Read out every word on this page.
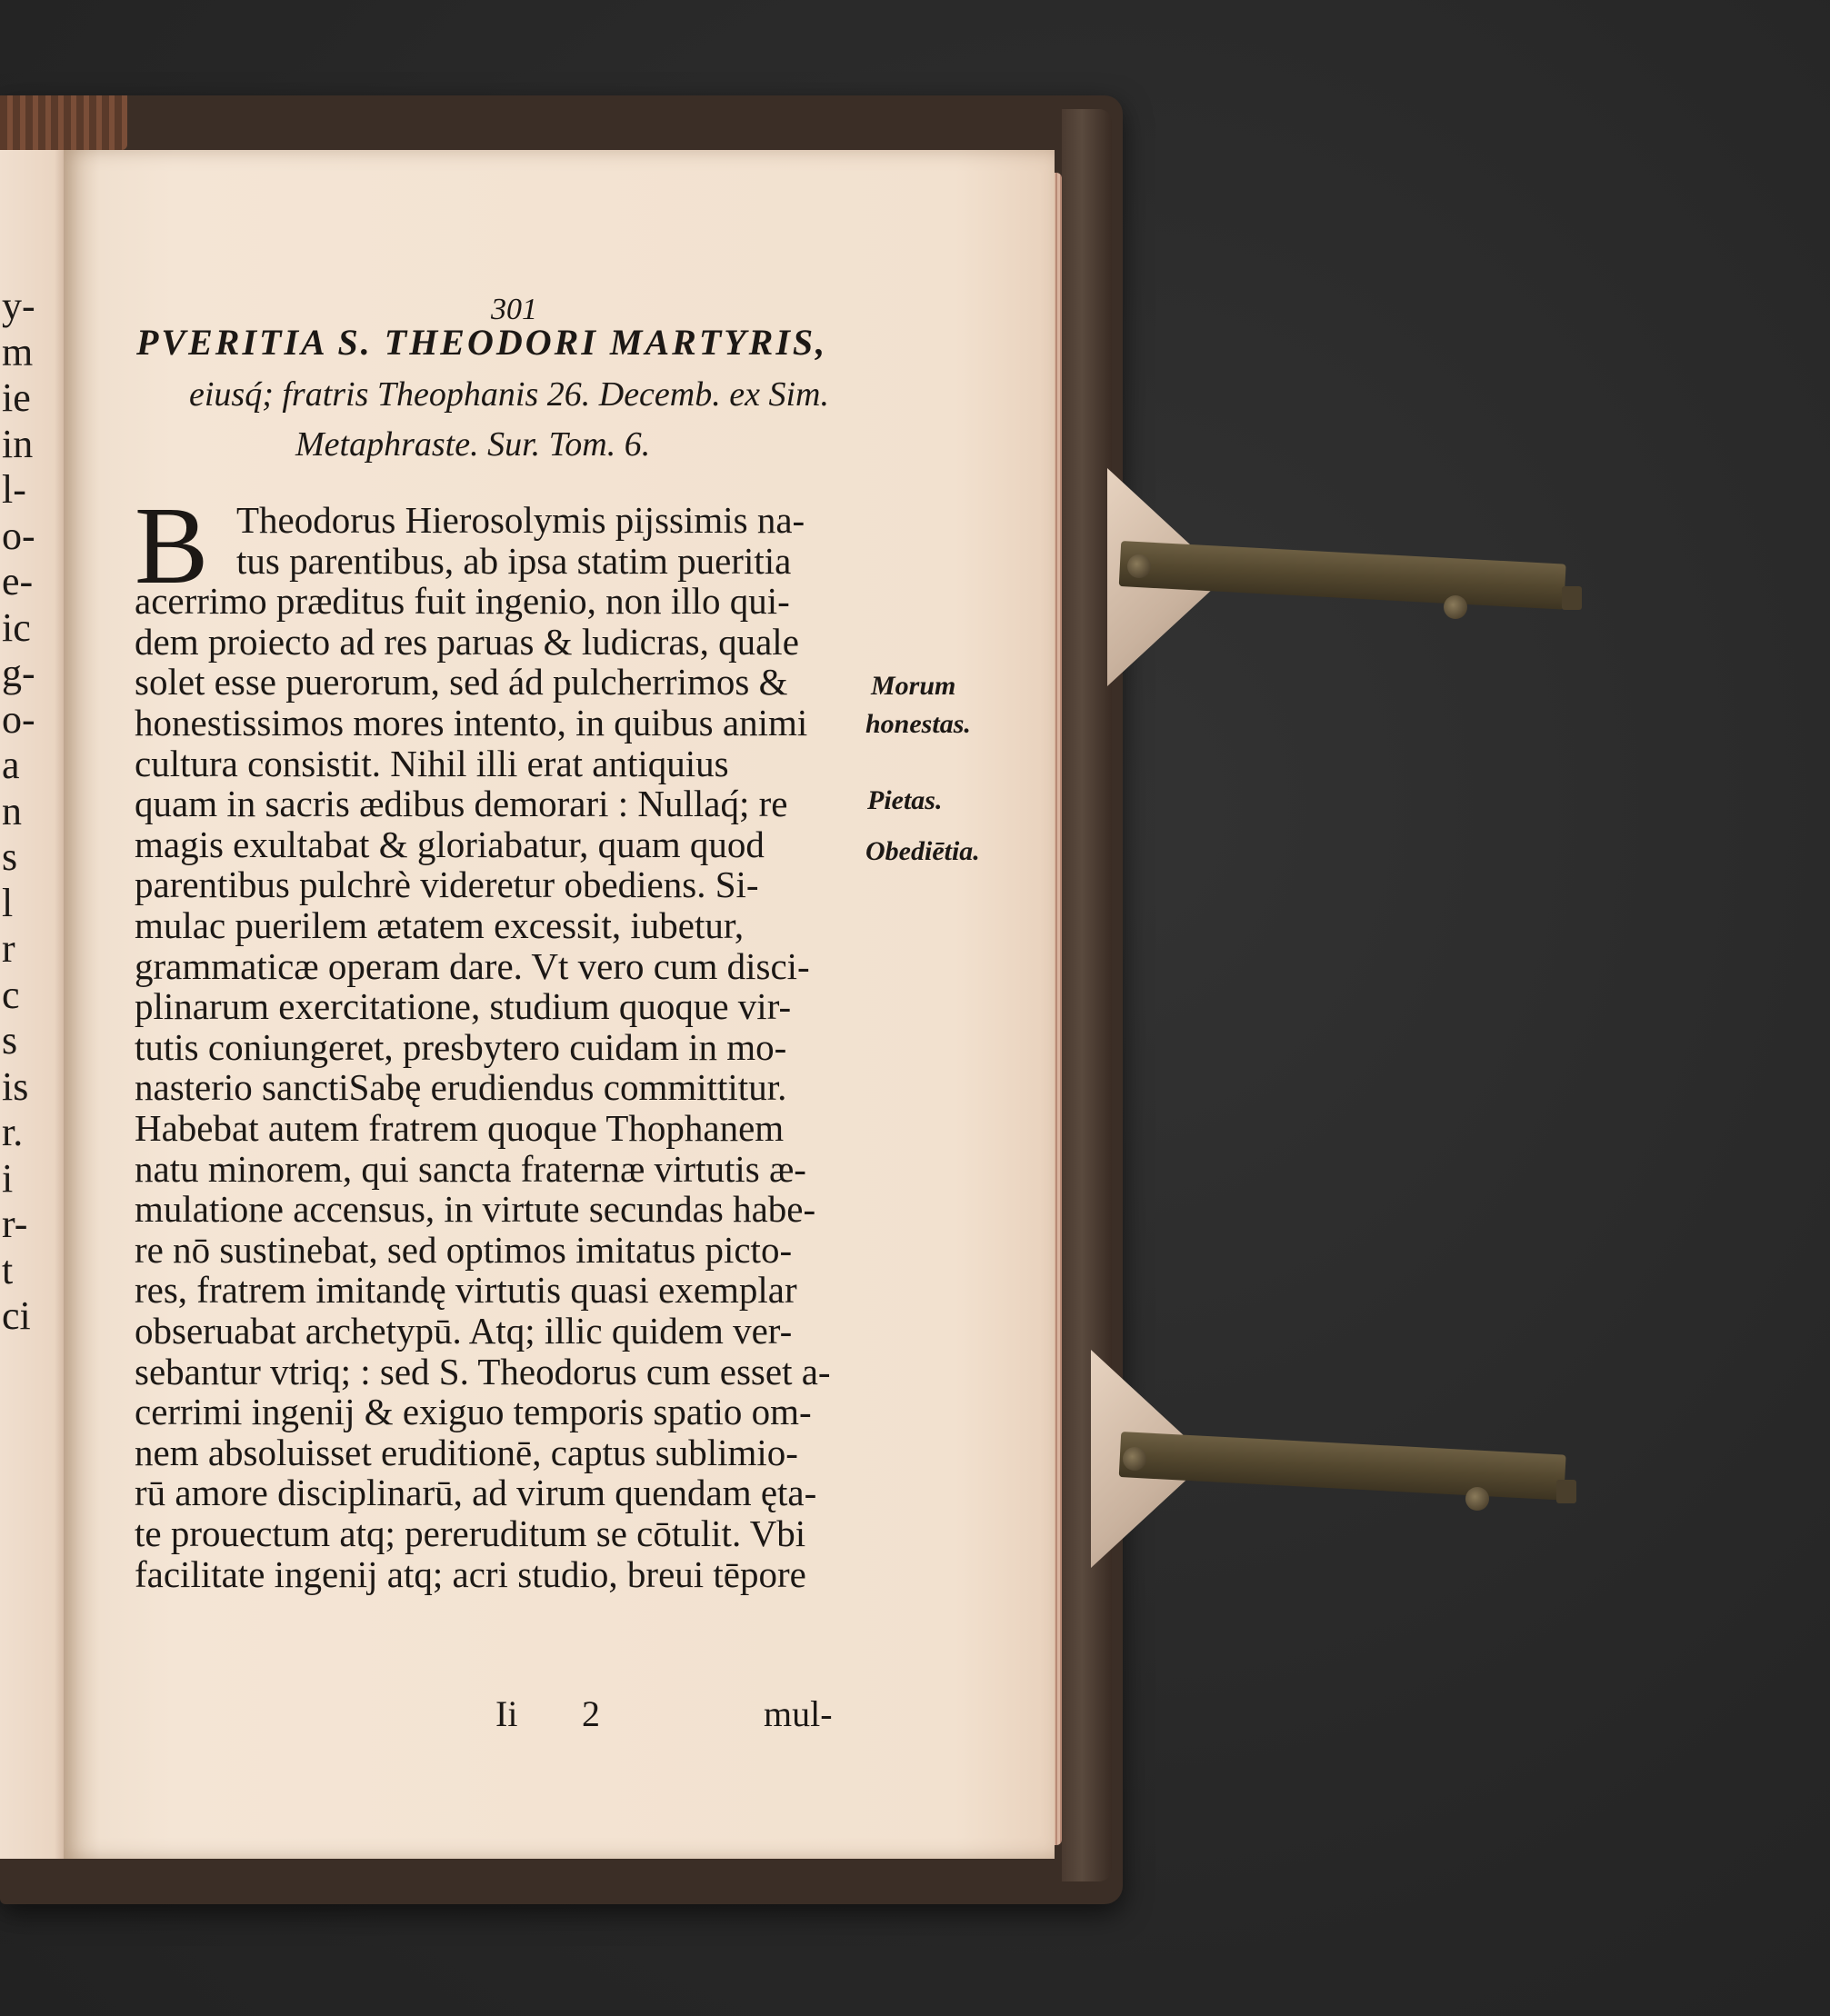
y-
m
ie
in
l-
o-
e-
ic
g-
o-
a
n
s
l
r
c
s
is
r.
i
r-
t
ci
301
PVERITIA S. THEODORI MARTYRIS,
eiusq́; fratris Theophanis 26. Decemb. ex Sim.
Metaphraste. Sur. Tom. 6.
B Theodorus Hierosolymis pijssimis na-
tus parentibus, ab ipsa statim pueritia
acerrimo præditus fuit ingenio, non illo qui-
dem proiecto ad res paruas & ludicras, quale
solet esse puerorum, sed ád pulcherrimos &
honestissimos mores intento, in quibus animi
cultura consistit. Nihil illi erat antiquius
quam in sacris ædibus demorari : Nullaq́; re
magis exultabat & gloriabatur, quam quod
parentibus pulchrè videretur obediens. Si-
mulac puerilem ætatem excessit, iubetur,
grammaticæ operam dare. Vt vero cum disci-
plinarum exercitatione, studium quoque vir-
tutis coniungeret, presbytero cuidam in mo-
nasterio sanctiSabę erudiendus committitur.
Habebat autem fratrem quoque Thophanem
natu minorem, qui sancta fraternæ virtutis æ-
mulatione accensus, in virtute secundas habe-
re nō sustinebat, sed optimos imitatus picto-
res, fratrem imitandę virtutis quasi exemplar
obseruabat archetypū. Atq; illic quidem ver-
sebantur vtriq; : sed S. Theodorus cum esset a-
cerrimi ingenij & exiguo temporis spatio om-
nem absoluisset eruditionē, captus sublimio-
rū amore disciplinarū, ad virum quendam ęta-
te prouectum atq; pereruditum se cōtulit. Vbi
facilitate ingenij atq; acri studio, breui tēpore
Morum
honestas.
Pietas.
Obediētia.
Ii 2	mul-
